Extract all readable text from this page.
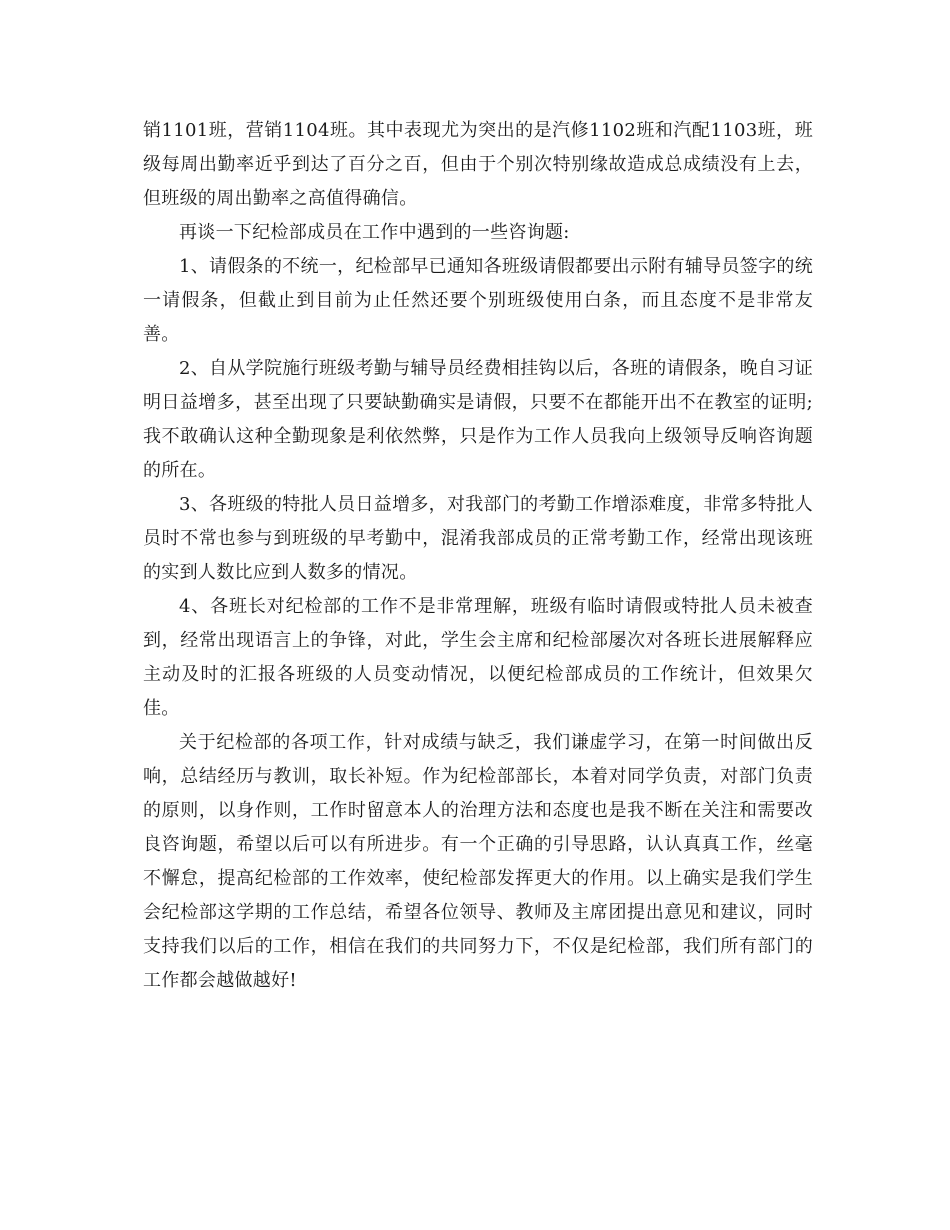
销1101班，营销1104班。其中表现尤为突出的是汽修1102班和汽配1103班，班级每周出勤率近乎到达了百分之百，但由于个别次特别缘故造成总成绩没有上去，但班级的周出勤率之高值得确信。

再谈一下纪检部成员在工作中遇到的一些咨询题:

1、请假条的不统一，纪检部早已通知各班级请假都要出示附有辅导员签字的统一请假条，但截止到目前为止任然还要个别班级使用白条，而且态度不是非常友善。

2、自从学院施行班级考勤与辅导员经费相挂钩以后，各班的请假条，晚自习证明日益增多，甚至出现了只要缺勤确实是请假，只要不在都能开出不在教室的证明;我不敢确认这种全勤现象是利依然弊，只是作为工作人员我向上级领导反响咨询题的所在。

3、各班级的特批人员日益增多，对我部门的考勤工作增添难度，非常多特批人员时不常也参与到班级的早考勤中，混淆我部成员的正常考勤工作，经常出现该班的实到人数比应到人数多的情况。

4、各班长对纪检部的工作不是非常理解，班级有临时请假或特批人员未被查到，经常出现语言上的争锋，对此，学生会主席和纪检部屡次对各班长进展解释应主动及时的汇报各班级的人员变动情况，以便纪检部成员的工作统计，但效果欠佳。

关于纪检部的各项工作，针对成绩与缺乏，我们谦虚学习，在第一时间做出反响，总结经历与教训，取长补短。作为纪检部部长，本着对同学负责，对部门负责的原则，以身作则，工作时留意本人的治理方法和态度也是我不断在关注和需要改良咨询题，希望以后可以有所进步。有一个正确的引导思路，认认真真工作，丝毫不懈怠，提高纪检部的工作效率，使纪检部发挥更大的作用。以上确实是我们学生会纪检部这学期的工作总结，希望各位领导、教师及主席团提出意见和建议，同时支持我们以后的工作，相信在我们的共同努力下，不仅是纪检部，我们所有部门的工作都会越做越好!
